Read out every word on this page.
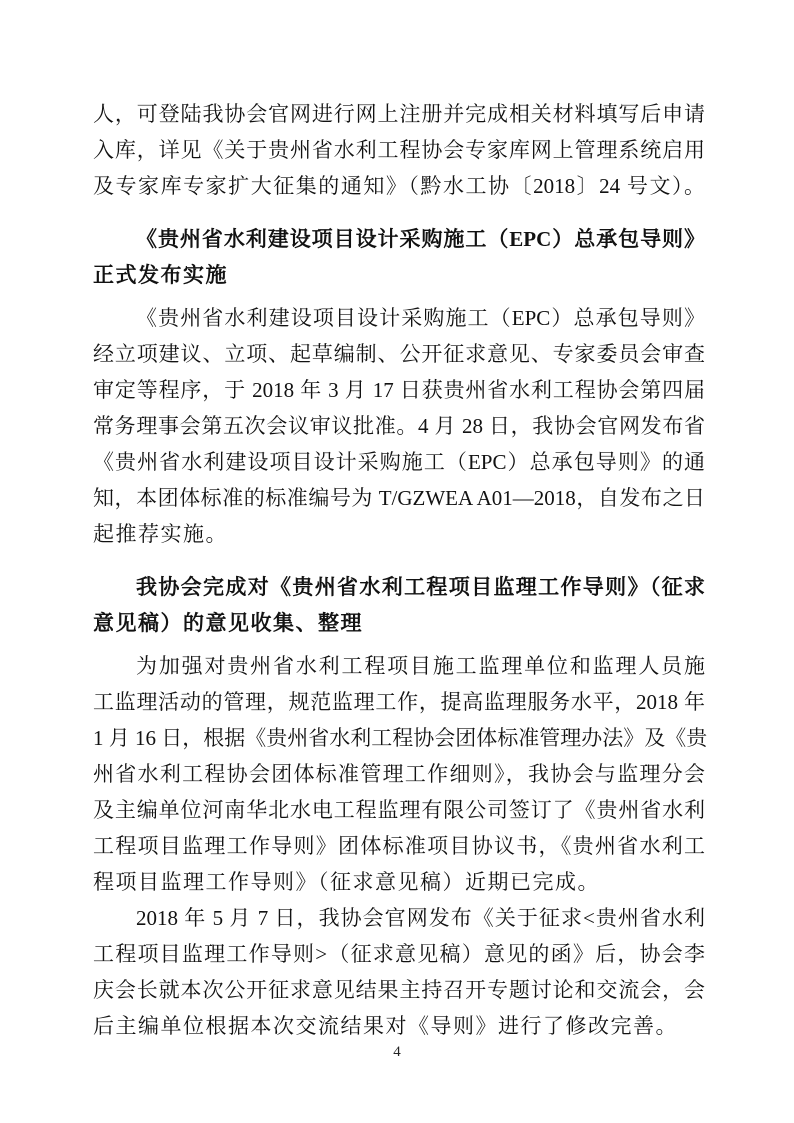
人，可登陆我协会官网进行网上注册并完成相关材料填写后申请
入库，详见《关于贵州省水利工程协会专家库网上管理系统启用
及专家库专家扩大征集的通知》（黔水工协〔2018〕24 号文）。
《贵州省水利建设项目设计采购施工（EPC）总承包导则》
正式发布实施
《贵州省水利建设项目设计采购施工（EPC）总承包导则》
经立项建议、立项、起草编制、公开征求意见、专家委员会审查
审定等程序，于 2018 年 3 月 17 日获贵州省水利工程协会第四届
常务理事会第五次会议审议批准。4 月 28 日，我协会官网发布省
《贵州省水利建设项目设计采购施工（EPC）总承包导则》的通
知，本团体标准的标准编号为 T/GZWEA A01—2018，自发布之日
起推荐实施。
我协会完成对《贵州省水利工程项目监理工作导则》（征求
意见稿）的意见收集、整理
为加强对贵州省水利工程项目施工监理单位和监理人员施
工监理活动的管理，规范监理工作，提高监理服务水平，2018 年
1 月 16 日，根据《贵州省水利工程协会团体标准管理办法》及《贵
州省水利工程协会团体标准管理工作细则》，我协会与监理分会
及主编单位河南华北水电工程监理有限公司签订了《贵州省水利
工程项目监理工作导则》团体标准项目协议书，《贵州省水利工
程项目监理工作导则》（征求意见稿）近期已完成。
2018 年 5 月 7 日，我协会官网发布《关于征求<贵州省水利
工程项目监理工作导则>（征求意见稿）意见的函》后，协会李
庆会长就本次公开征求意见结果主持召开专题讨论和交流会，会
后主编单位根据本次交流结果对《导则》进行了修改完善。
4
